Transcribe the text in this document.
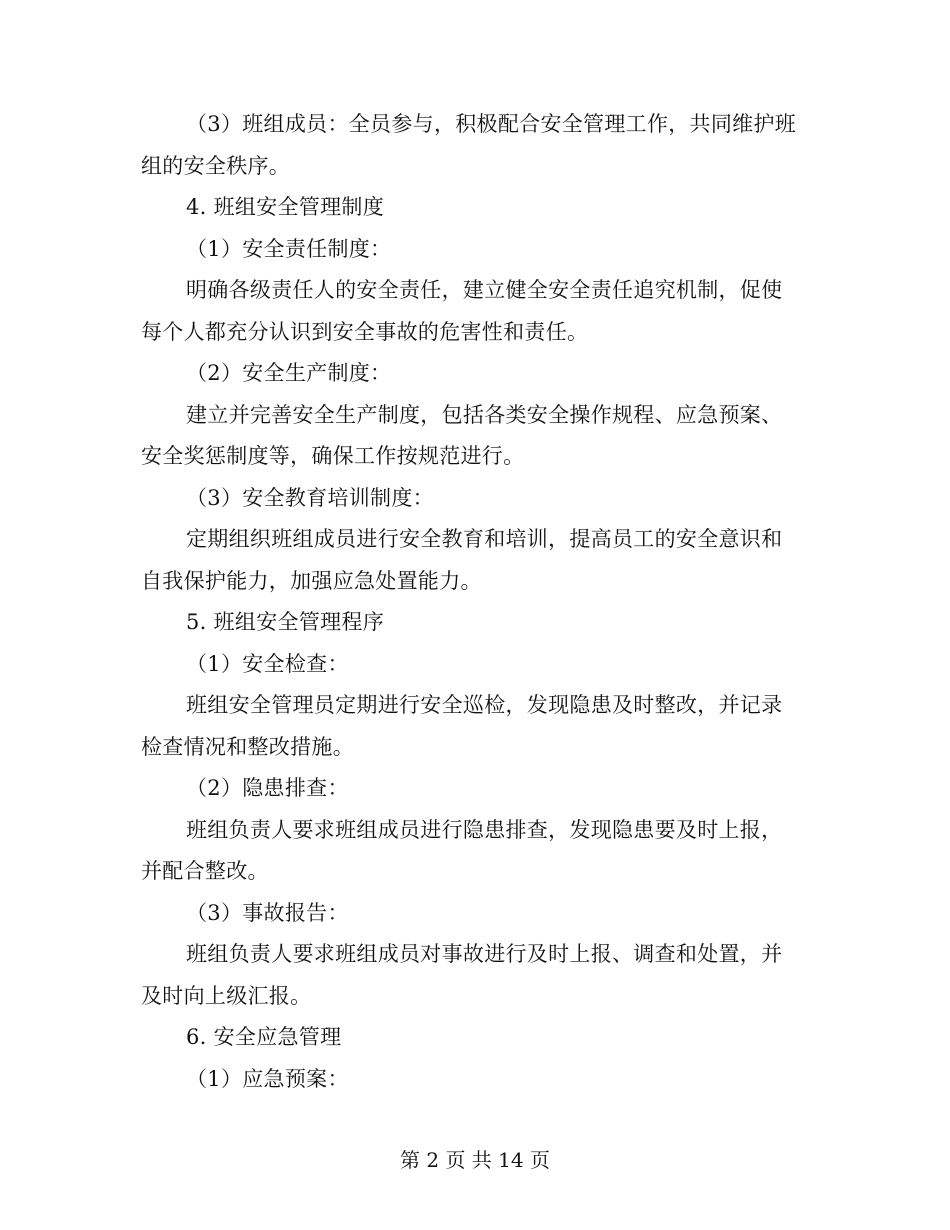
（3）班组成员：全员参与，积极配合安全管理工作，共同维护班
组的安全秩序。
4. 班组安全管理制度
（1）安全责任制度：
明确各级责任人的安全责任，建立健全安全责任追究机制，促使
每个人都充分认识到安全事故的危害性和责任。
（2）安全生产制度：
建立并完善安全生产制度，包括各类安全操作规程、应急预案、
安全奖惩制度等，确保工作按规范进行。
（3）安全教育培训制度：
定期组织班组成员进行安全教育和培训，提高员工的安全意识和
自我保护能力，加强应急处置能力。
5. 班组安全管理程序
（1）安全检查：
班组安全管理员定期进行安全巡检，发现隐患及时整改，并记录
检查情况和整改措施。
（2）隐患排查：
班组负责人要求班组成员进行隐患排查，发现隐患要及时上报，
并配合整改。
（3）事故报告：
班组负责人要求班组成员对事故进行及时上报、调查和处置，并
及时向上级汇报。
6. 安全应急管理
（1）应急预案：
第 2 页 共 14 页
